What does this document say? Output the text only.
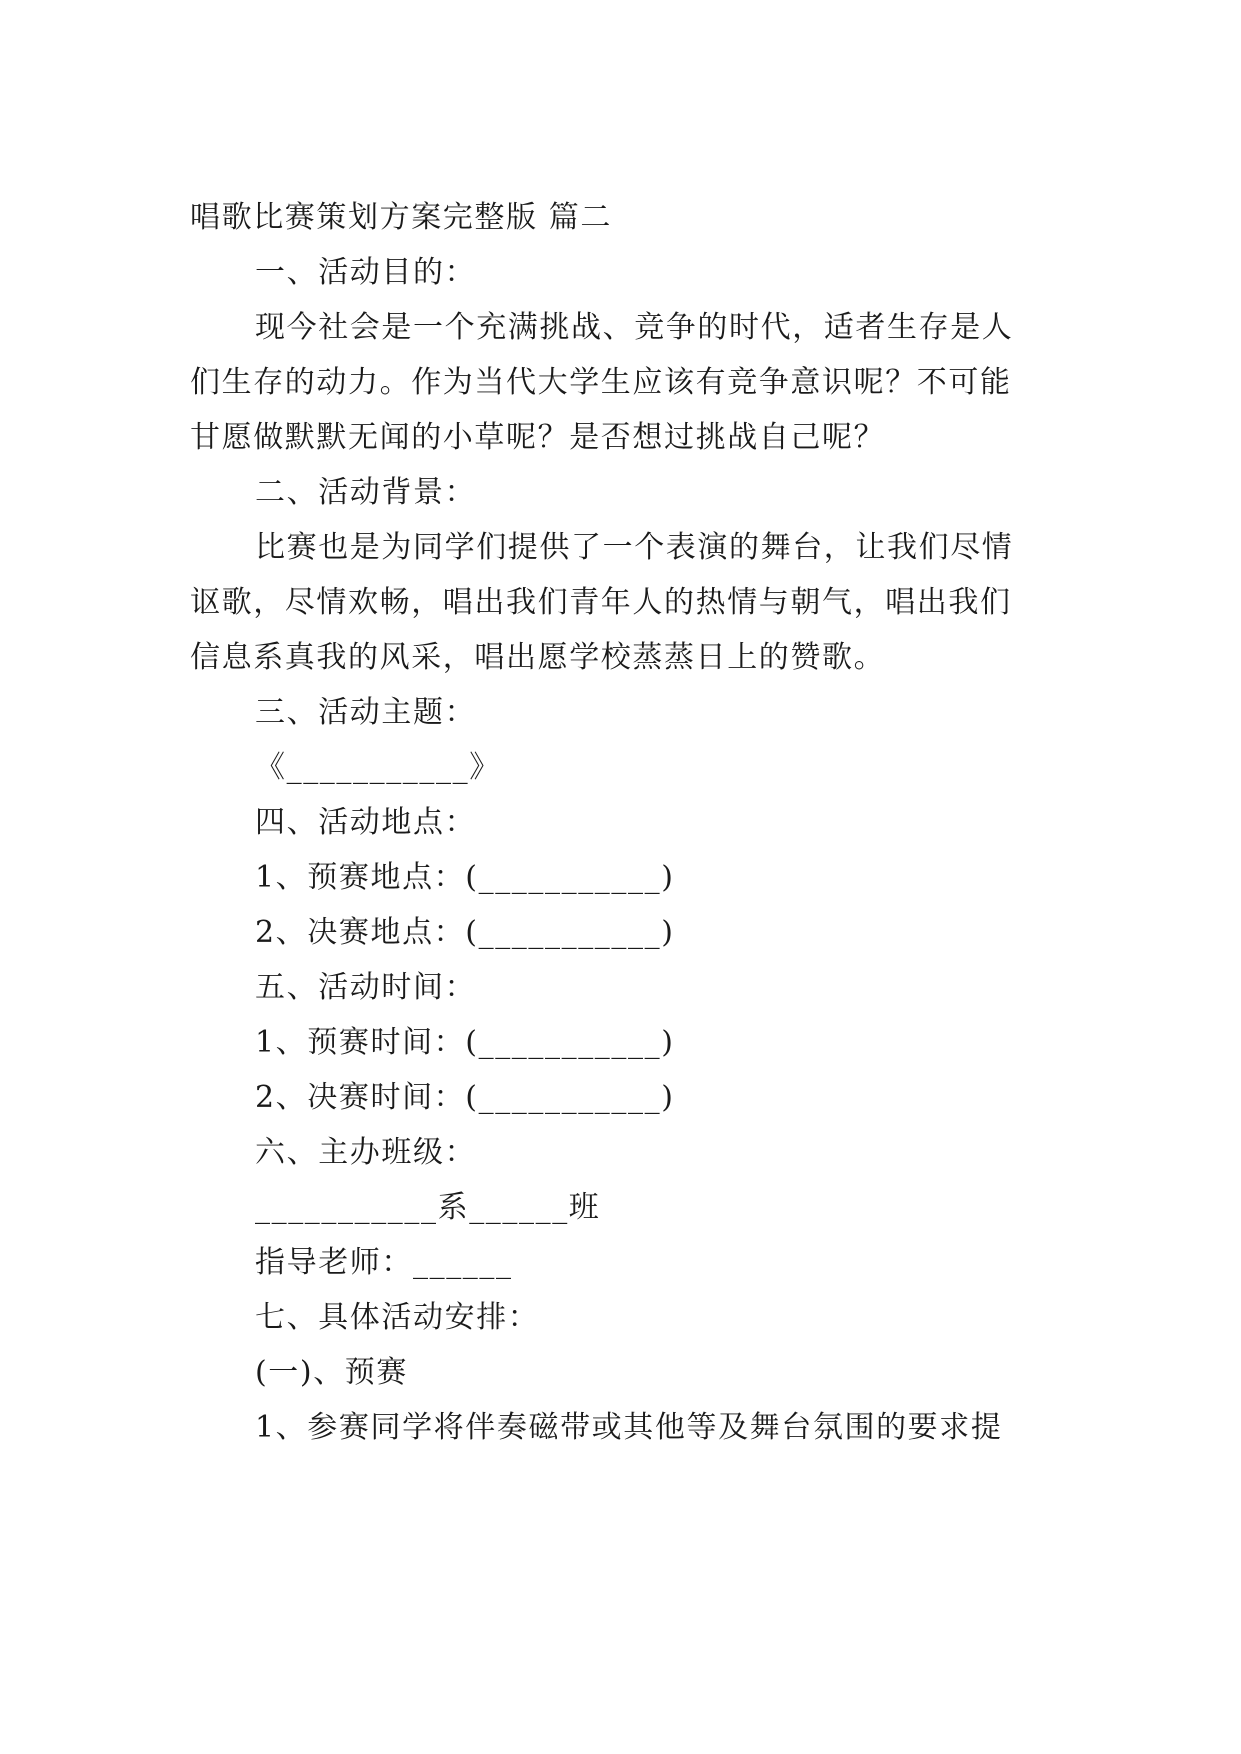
唱歌比赛策划方案完整版 篇二
一、活动目的：
现今社会是一个充满挑战、竞争的时代，适者生存是人
们生存的动力。作为当代大学生应该有竞争意识呢？不可能
甘愿做默默无闻的小草呢？是否想过挑战自己呢？
二、活动背景：
比赛也是为同学们提供了一个表演的舞台，让我们尽情
讴歌，尽情欢畅，唱出我们青年人的热情与朝气，唱出我们
信息系真我的风采，唱出愿学校蒸蒸日上的赞歌。
三、活动主题：
《___________》
四、活动地点：
1、预赛地点：(___________)
2、决赛地点：(___________)
五、活动时间：
1、预赛时间：(___________)
2、决赛时间：(___________)
六、主办班级：
___________系______班
指导老师：______
七、具体活动安排：
(一)、预赛
1、参赛同学将伴奏磁带或其他等及舞台氛围的要求提
